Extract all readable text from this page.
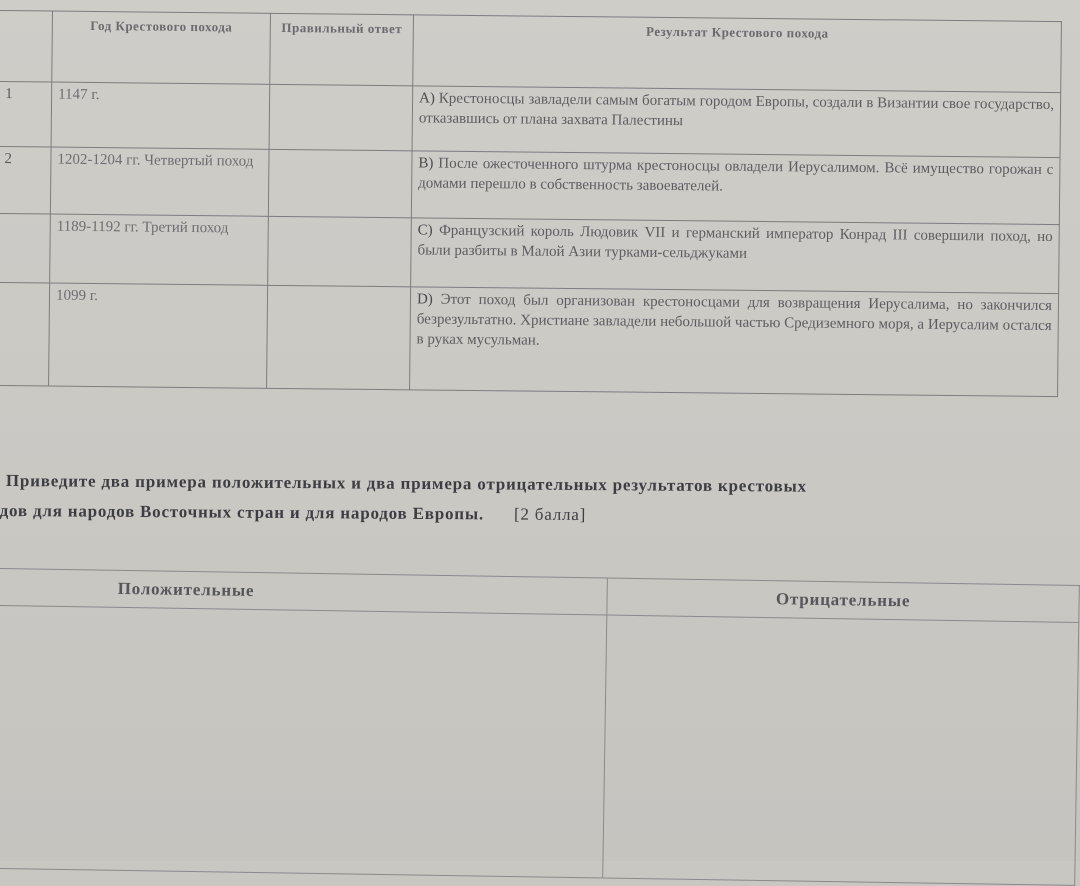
	Год Крестового похода	Правильный ответ	Результат Крестового похода
1	1147 г.		A) Крестоносцы завладели самым богатым городом Европы, создали в Византии свое государство, отказавшись от плана захвата Палестины
2	1202-1204 гг. Четвертый поход		B) После ожесточенного штурма крестоносцы овладели Иерусалимом. Всё имущество горожан с домами перешло в собственность завоевателей.
	1189-1192 гг. Третий поход		C) Французский король Людовик VII и германский император Конрад III совершили поход, но были разбиты в Малой Азии турками-сельджуками
	1099 г.		D) Этот поход был организован крестоносцами для возвращения Иерусалима, но закончился безрезультатно. Христиане завладели небольшой частью Средиземного моря, а Иерусалим остался в руках мусульман.
Приведите два примера положительных и два примера отрицательных результатов крестовых
дов для народов Восточных стран и для народов Европы. [2 балла]
Положительные	Отрицательные
